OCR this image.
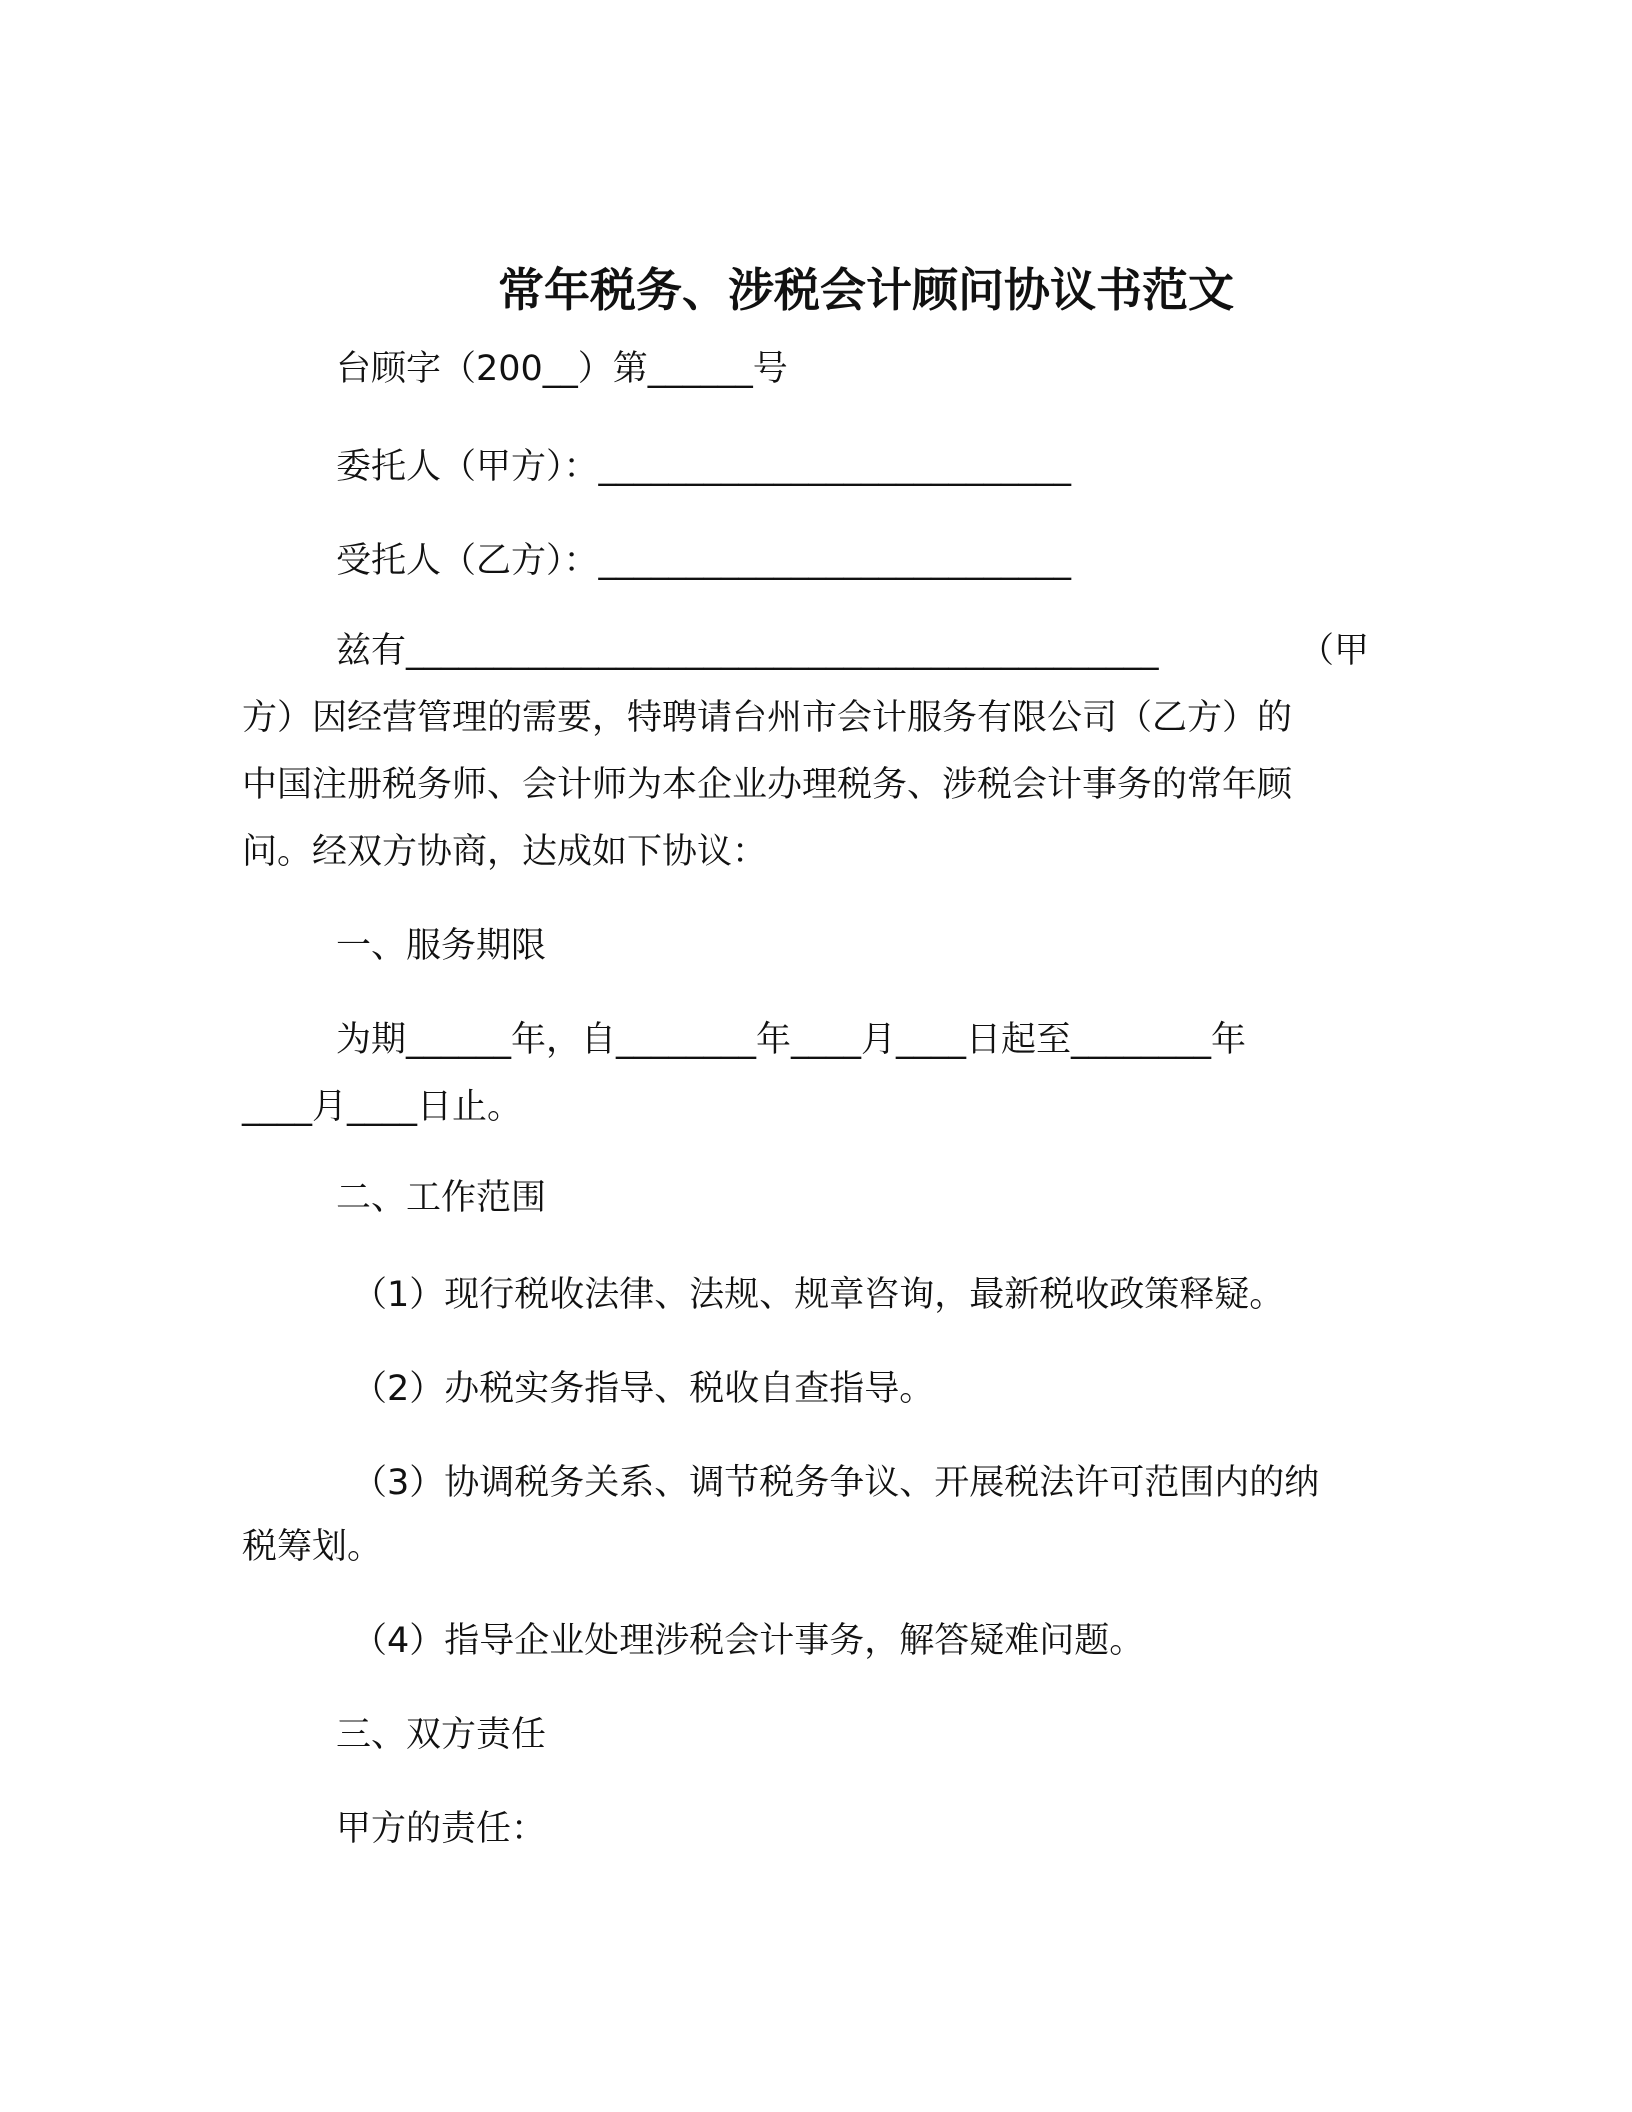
常年税务、涉税会计顾问协议书范文
台顾字（200__）第______号
委托人（甲方）：___________________________
受托人（乙方）：___________________________
兹有___________________________________________	（甲
方）因经营管理的需要，特聘请台州市会计服务有限公司（乙方）的
中国注册税务师、会计师为本企业办理税务、涉税会计事务的常年顾
问。经双方协商，达成如下协议：
一、服务期限
为期______年，自________年____月____日起至________年
____月____日止。
二、工作范围
（1）现行税收法律、法规、规章咨询，最新税收政策释疑。
（2）办税实务指导、税收自查指导。
（3）协调税务关系、调节税务争议、开展税法许可范围内的纳
税筹划。
（4）指导企业处理涉税会计事务，解答疑难问题。
三、双方责任
甲方的责任：
